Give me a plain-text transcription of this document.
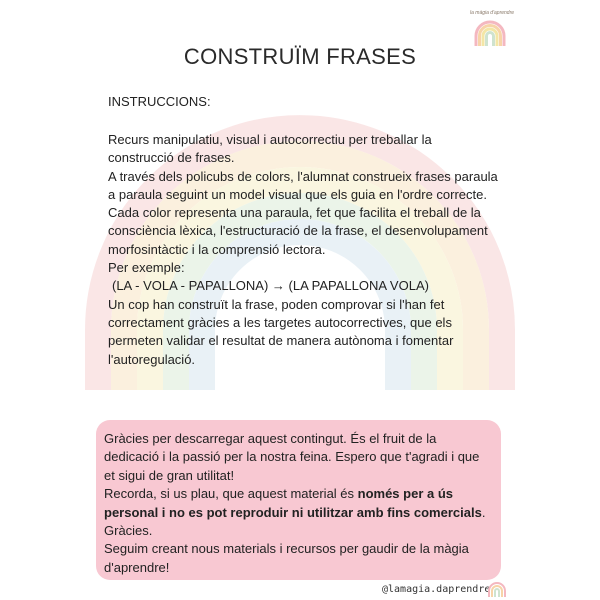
la màgia d'aprendre
CONSTRUÏM FRASES
INSTRUCCIONS:

Recurs manipulatiu, visual i autocorrectiu per treballar la construcció de frases.

A través dels policubs de colors, l'alumnat construeix frases paraula a paraula seguint un model visual que els guia en l'ordre correcte. Cada color representa una paraula, fet que facilita el treball de la consciència lèxica, l'estructuració de la frase, el desenvolupament morfosintàctic i la comprensió lectora.

Per exemple:

(LA - VOLA - PAPALLONA) → (LA PAPALLONA VOLA)

Un cop han construït la frase, poden comprovar si l'han fet correctament gràcies a les targetes autocorrectives, que els permeten validar el resultat de manera autònoma i fomentar l'autoregulació.

Gràcies per descarregar aquest contingut. És el fruit de la dedicació i la passió per la nostra feina. Espero que t'agradi i que et sigui de gran utilitat!

Recorda, si us plau, que aquest material és només per a ús personal i no es pot reproduir ni utilitzar amb fins comercials.

Gràcies.

Seguim creant nous materials i recursos per gaudir de la màgia d'aprendre!

@lamagia.daprendre
